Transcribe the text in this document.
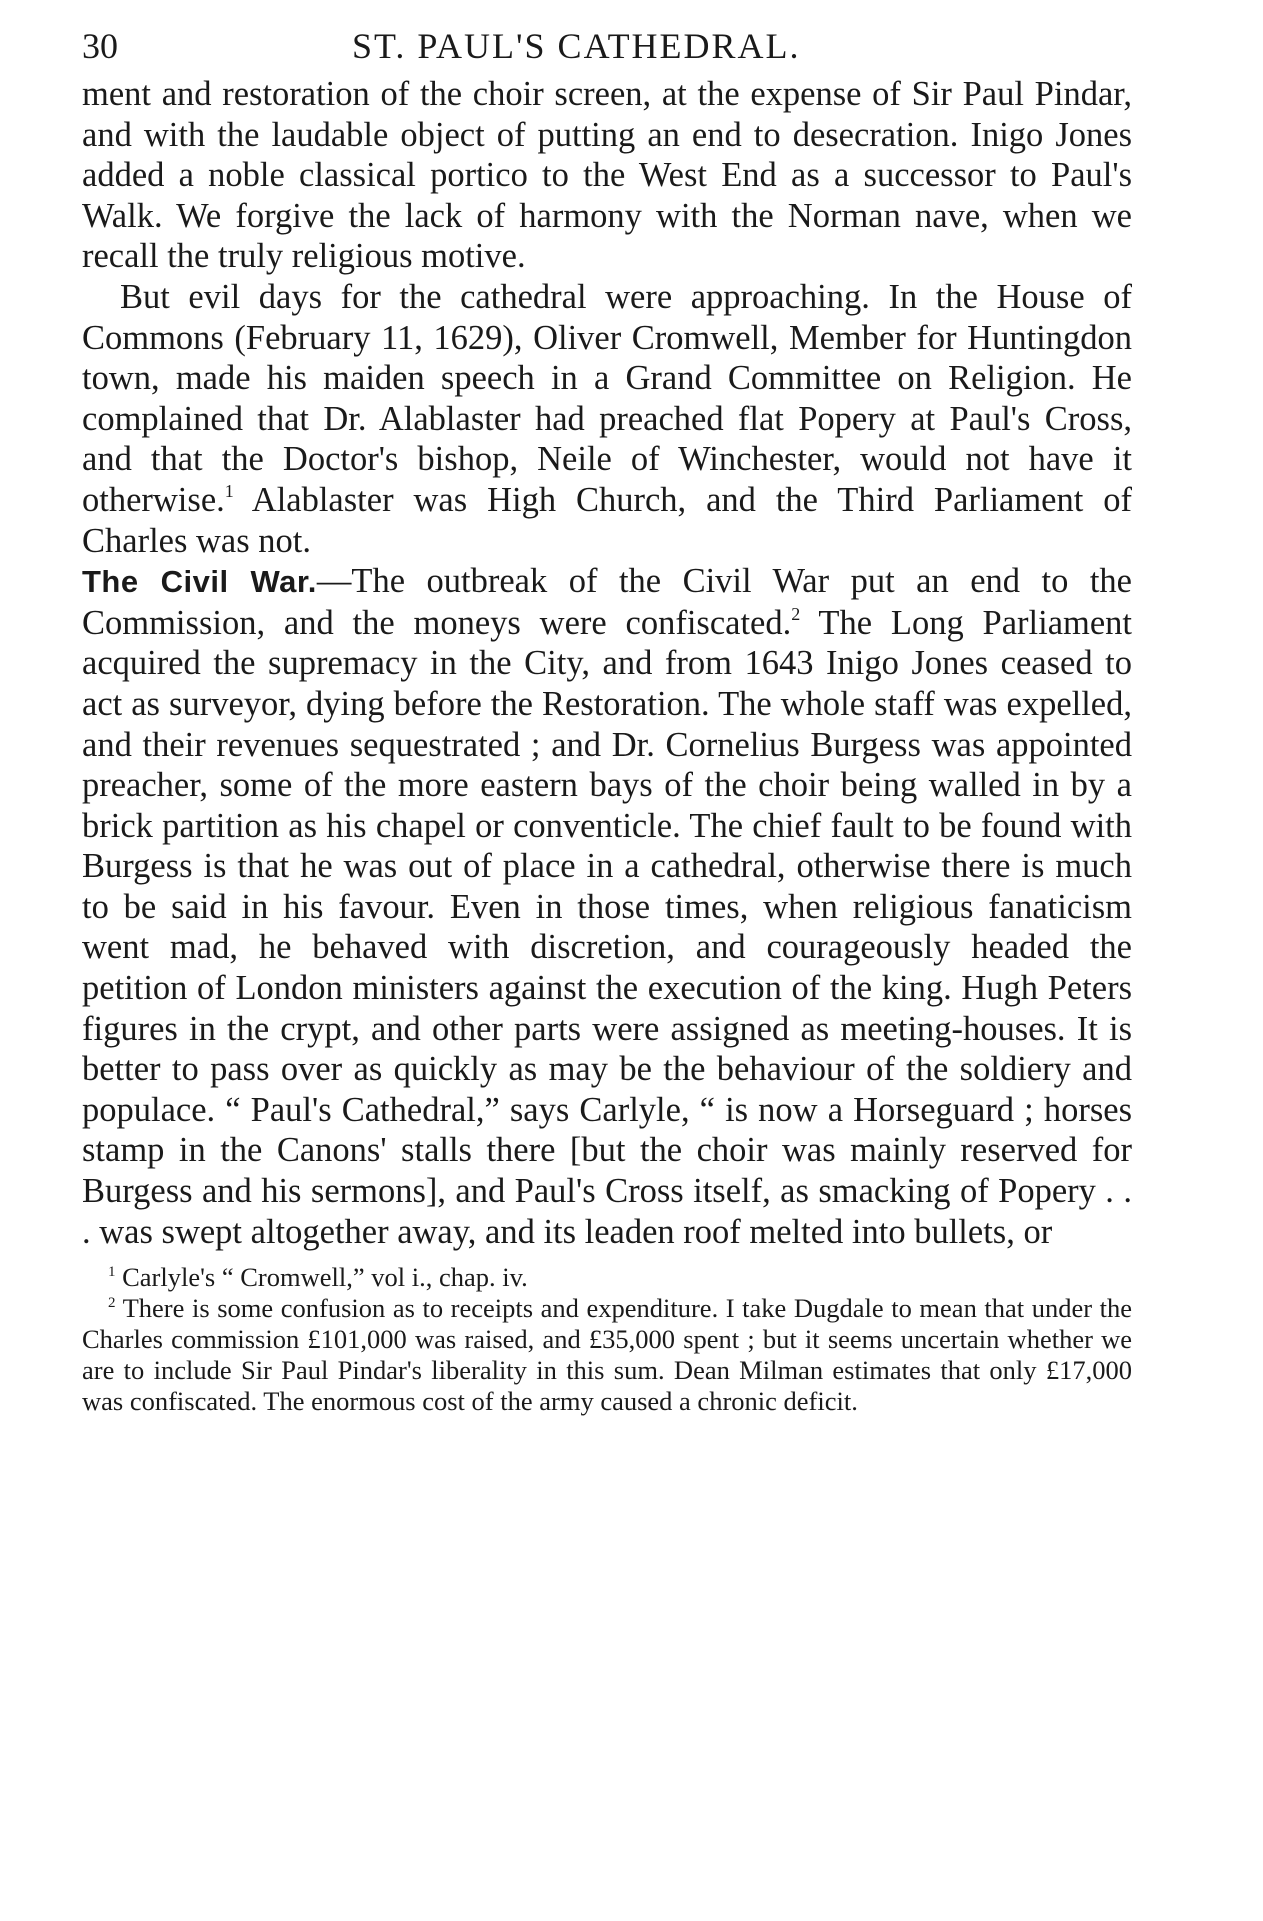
30	ST. PAUL'S CATHEDRAL.

ment and restoration of the choir screen, at the expense of Sir Paul Pindar, and with the laudable object of putting an end to desecration. Inigo Jones added a noble classical portico to the West End as a successor to Paul's Walk. We forgive the lack of harmony with the Norman nave, when we recall the truly religious motive.

But evil days for the cathedral were approaching. In the House of Commons (February 11, 1629), Oliver Cromwell, Member for Huntingdon town, made his maiden speech in a Grand Committee on Religion. He complained that Dr. Alablaster had preached flat Popery at Paul's Cross, and that the Doctor's bishop, Neile of Winchester, would not have it otherwise.$^1$ Alablaster was High Church, and the Third Parliament of Charles was not.

The Civil War.—The outbreak of the Civil War put an end to the Commission, and the moneys were confiscated.$^2$ The Long Parliament acquired the supremacy in the City, and from 1643 Inigo Jones ceased to act as surveyor, dying before the Restoration. The whole staff was expelled, and their revenues sequestrated ; and Dr. Cornelius Burgess was appointed preacher, some of the more eastern bays of the choir being walled in by a brick partition as his chapel or conventicle. The chief fault to be found with Burgess is that he was out of place in a cathedral, otherwise there is much to be said in his favour. Even in those times, when religious fanaticism went mad, he behaved with discretion, and courageously headed the petition of London ministers against the execution of the king. Hugh Peters figures in the crypt, and other parts were assigned as meeting-houses. It is better to pass over as quickly as may be the behaviour of the soldiery and populace. “ Paul's Cathedral,” says Carlyle, “ is now a Horseguard ; horses stamp in the Canons' stalls there [but the choir was mainly reserved for Burgess and his sermons], and Paul's Cross itself, as smacking of Popery . . . was swept altogether away, and its leaden roof melted into bullets, or

$^1$ Carlyle's “ Cromwell,” vol i., chap. iv.

$^2$ There is some confusion as to receipts and expenditure. I take Dugdale to mean that under the Charles commission £101,000 was raised, and £35,000 spent ; but it seems uncertain whether we are to include Sir Paul Pindar's liberality in this sum. Dean Milman estimates that only £17,000 was confiscated. The enormous cost of the army caused a chronic deficit.
